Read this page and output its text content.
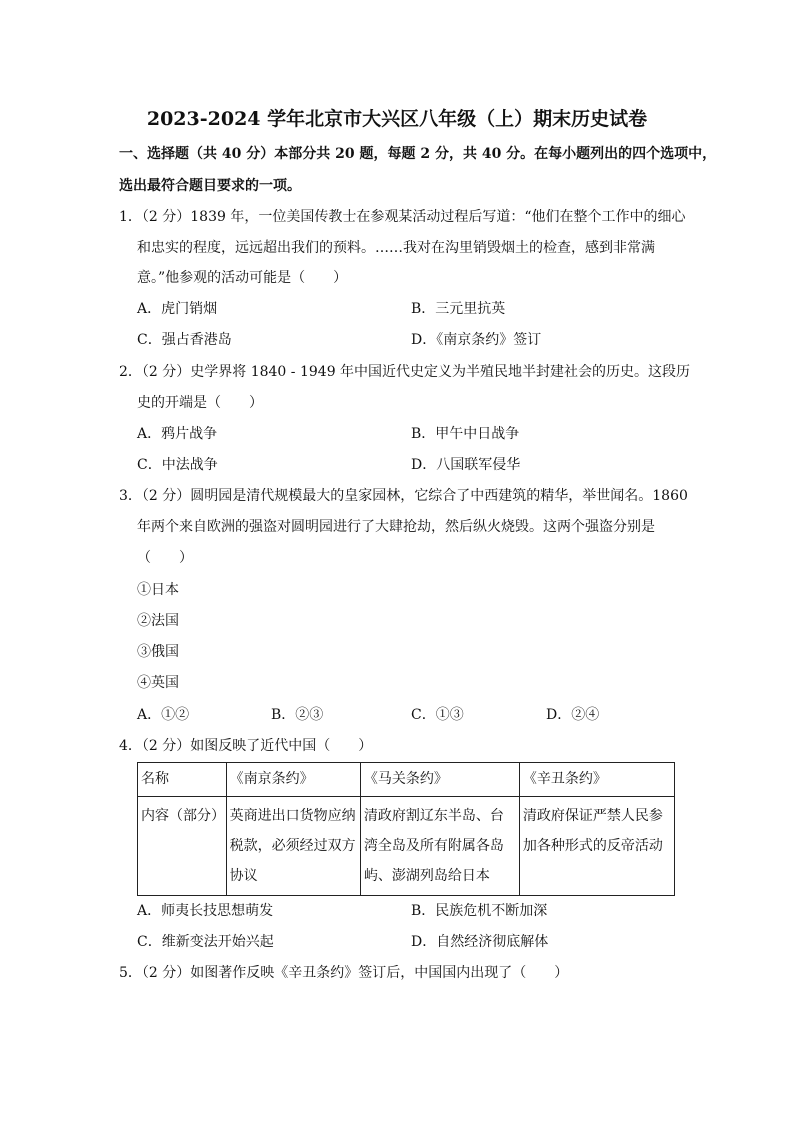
2023-2024 学年北京市大兴区八年级（上）期末历史试卷
一、选择题（共 40 分）本部分共 20 题，每题 2 分，共 40 分。在每小题列出的四个选项中，
选出最符合题目要求的一项。
1．（2 分）1839 年，一位美国传教士在参观某活动过程后写道：“他们在整个工作中的细心
和忠实的程度，远远超出我们的预料。……我对在沟里销毁烟土的检查，感到非常满
意。”他参观的活动可能是（　　）
A．虎门销烟	B．三元里抗英
C．强占香港岛	D．《南京条约》签订
2．（2 分）史学界将 1840 - 1949 年中国近代史定义为半殖民地半封建社会的历史。这段历
史的开端是（　　）
A．鸦片战争	B．甲午中日战争
C．中法战争	D．八国联军侵华
3．（2 分）圆明园是清代规模最大的皇家园林，它综合了中西建筑的精华，举世闻名。1860
年两个来自欧洲的强盗对圆明园进行了大肆抢劫，然后纵火烧毁。这两个强盗分别是
（　　）
①日本
②法国
③俄国
④英国
A．①②	B．②③	C．①③	D．②④
4．（2 分）如图反映了近代中国（　　）
名称	《南京条约》	《马关条约》	《辛丑条约》
内容（部分）	英商进出口货物应纳税款，必须经过双方协议	清政府割辽东半岛、台湾全岛及所有附属各岛屿、澎湖列岛给日本	清政府保证严禁人民参加各种形式的反帝活动
A．师夷长技思想萌发	B．民族危机不断加深
C．维新变法开始兴起	D．自然经济彻底解体
5．（2 分）如图著作反映《辛丑条约》签订后，中国国内出现了（　　）
